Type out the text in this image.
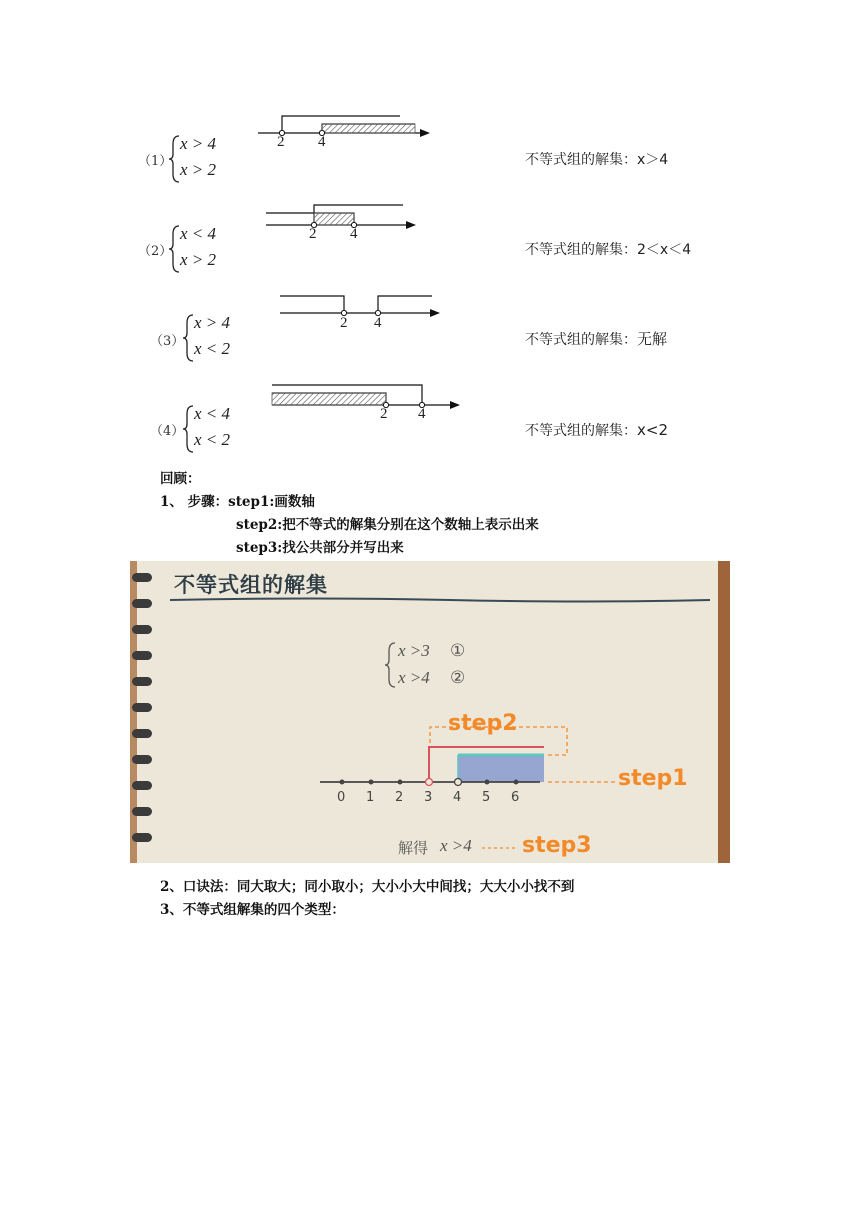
（1）
x > 4
x > 2
2 4
不等式组的解集：x＞4
（2）
x < 4
x > 2
2 4
不等式组的解集：2＜x＜4
（3）
x > 4
x < 2
2 4
不等式组的解集：无解
（4）
x < 4
x < 2
2 4
不等式组的解集：x<2
回顾：
1、 步骤：step1:画数轴
step2:把不等式的解集分别在这个数轴上表示出来
step3:找公共部分并写出来
不等式组的解集
x >3 ①
x >4 ②
0 1 2 3 4 5 6
step2
step1
step3
解得 x >4
2、口诀法：同大取大；同小取小；大小小大中间找；大大小小找不到
3、不等式组解集的四个类型：
